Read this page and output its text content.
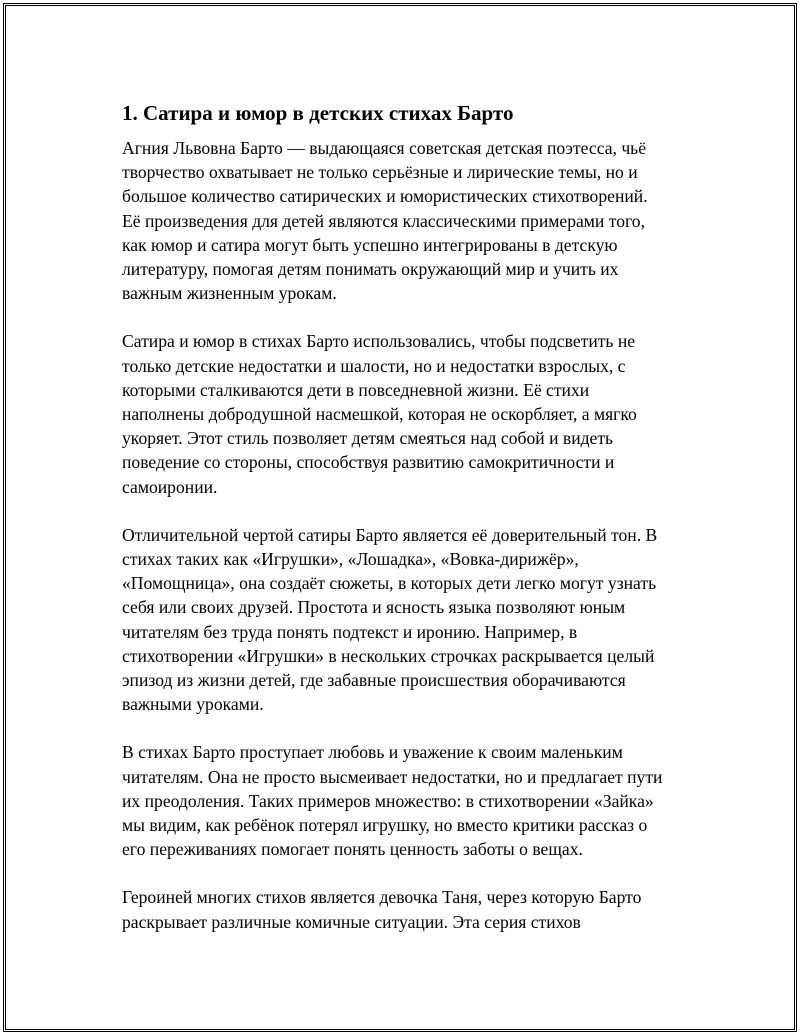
1. Сатира и юмор в детских стихах Барто

Агния Львовна Барто — выдающаяся советская детская поэтесса, чьё
творчество охватывает не только серьёзные и лирические темы, но и
большое количество сатирических и юмористических стихотворений.
Её произведения для детей являются классическими примерами того,
как юмор и сатира могут быть успешно интегрированы в детскую
литературу, помогая детям понимать окружающий мир и учить их
важным жизненным урокам.

Сатира и юмор в стихах Барто использовались, чтобы подсветить не
только детские недостатки и шалости, но и недостатки взрослых, с
которыми сталкиваются дети в повседневной жизни. Её стихи
наполнены добродушной насмешкой, которая не оскорбляет, а мягко
укоряет. Этот стиль позволяет детям смеяться над собой и видеть
поведение со стороны, способствуя развитию самокритичности и
самоиронии.

Отличительной чертой сатиры Барто является её доверительный тон. В
стихах таких как «Игрушки», «Лошадка», «Вовка-дирижёр»,
«Помощница», она создаёт сюжеты, в которых дети легко могут узнать
себя или своих друзей. Простота и ясность языка позволяют юным
читателям без труда понять подтекст и иронию. Например, в
стихотворении «Игрушки» в нескольких строчках раскрывается целый
эпизод из жизни детей, где забавные происшествия оборачиваются
важными уроками.

В стихах Барто проступает любовь и уважение к своим маленьким
читателям. Она не просто высмеивает недостатки, но и предлагает пути
их преодоления. Таких примеров множество: в стихотворении «Зайка»
мы видим, как ребёнок потерял игрушку, но вместо критики рассказ о
его переживаниях помогает понять ценность заботы о вещах.

Героиней многих стихов является девочка Таня, через которую Барто
раскрывает различные комичные ситуации. Эта серия стихов
